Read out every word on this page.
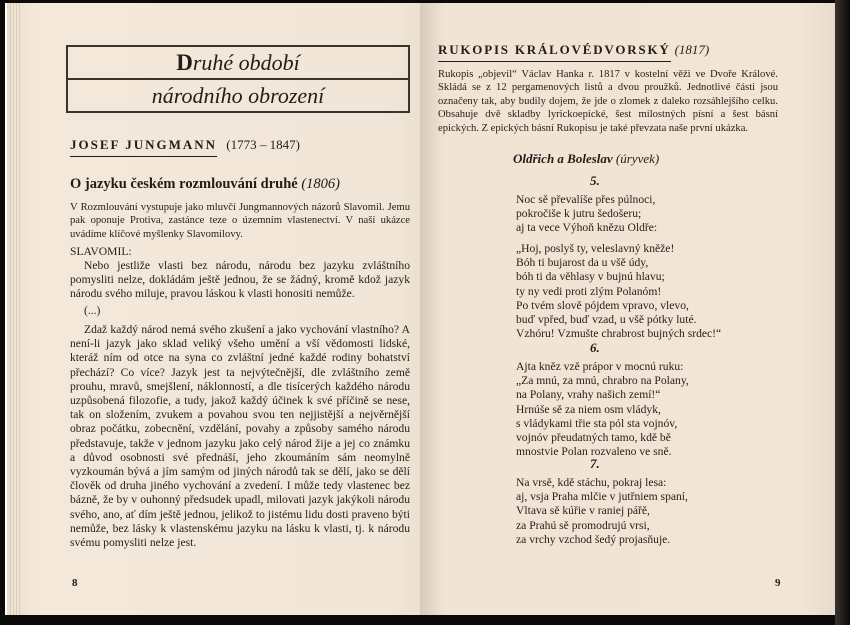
Druhé období
národního obrození
JOSEF JUNGMANN (1773 – 1847)
O jazyku českém rozmlouvání druhé (1806)
V Rozmlouvání vystupuje jako mluvčí Jungmannových názorů Slavomil. Jemu pak oponuje Protiva, zastánce teze o územním vlastenectví. V naší ukázce uvádíme klíčové myšlenky Slavomilovy.
SLAVOMIL:
Nebo jestliže vlasti bez národu, národu bez jazyku zvláštního pomysliti nelze, dokládám ještě jednou, že se žádný, kromě kdož jazyk národu svého miluje, pravou láskou k vlasti honositi nemůže.
(...)
Zdaž každý národ nemá svého zkušení a jako vychování vlastního? A není-li jazyk jako sklad veliký všeho umění a vší vědomosti lidské, kteráž ním od otce na syna co zvláštní jedné každé rodiny bohatství přechází? Co více? Jazyk jest ta nejvýtečnější, dle zvláštního země prouhu, mravů, smejšlení, náklonností, a dle tisícerých každého národu uzpůsobená filozofie, a tudy, jakož každý účinek k své příčině se nese, tak on složením, zvukem a povahou svou ten nejjistější a nejvěrnější obraz počátku, zobecnění, vzdělání, povahy a způsoby samého národu představuje, takže v jednom jazyku jako celý národ žije a jej co známku a důvod osobnosti své přednáší, jeho zkoumáním sám neomylně vyzkoumán bývá a jím samým od jiných národů tak se dělí, jako se dělí člověk od druha jiného vychování a zvedení. I může tedy vlastenec bez bázně, že by v ouhonný předsudek upadl, milovati jazyk jakýkoli národu svého, ano, ať dím ještě jednou, jelikož to jistému lidu dosti praveno býti nemůže, bez lásky k vlastenskému jazyku na lásku k vlasti, tj. k národu svému pomysliti nelze jest.
8
RUKOPIS KRÁLOVÉDVORSKÝ (1817)
Rukopis „objevil“ Václav Hanka r. 1817 v kostelní věži ve Dvoře Králové. Skládá se z 12 pergamenových listů a dvou proužků. Jednotlivé části jsou označeny tak, aby budily dojem, že jde o zlomek z daleko rozsáhlejšího celku. Obsahuje dvě skladby lyrickoepické, šest milostných písní a šest básní epických. Z epických básní Rukopisu je také převzata naše první ukázka.
Oldřich a Boleslav (úryvek)
5.
Noc sě převalíše přes púlnoci,
pokročiše k jutru šedošeru;
aj ta vece Výhoň knězu Oldře:
„Hoj, poslyš ty, veleslavný kněže!
Bóh ti bujarost da u všě údy,
bóh ti da věhlasy v bujnú hlavu;
ty ny vedi proti zlým Polanóm!
Po tvém slově pójdem vpravo, vlevo,
buď vpřed, buď vzad, u všě pótky luté.
Vzhóru! Vzmušte chrabrost bujných srdec!“
6.
Ajta kněz vzě prápor v mocnú ruku:
„Za mnú, za mnú, chrabro na Polany,
na Polany, vrahy našich zemí!“
Hrnúše sě za niem osm vládyk,
s vládykami třie sta pól sta vojnóv,
vojnóv přeudatných tamo, kdě bě
mnostvie Polan rozvaleno ve sně.
7.
Na vrsě, kdě stáchu, pokraj lesa:
aj, vsja Praha mlčie v jutřniem spaní,
Vltava sě kúřie v raniej pářě,
za Prahú sě promodrujú vrsi,
za vrchy vzchod šedý projasňuje.
9
